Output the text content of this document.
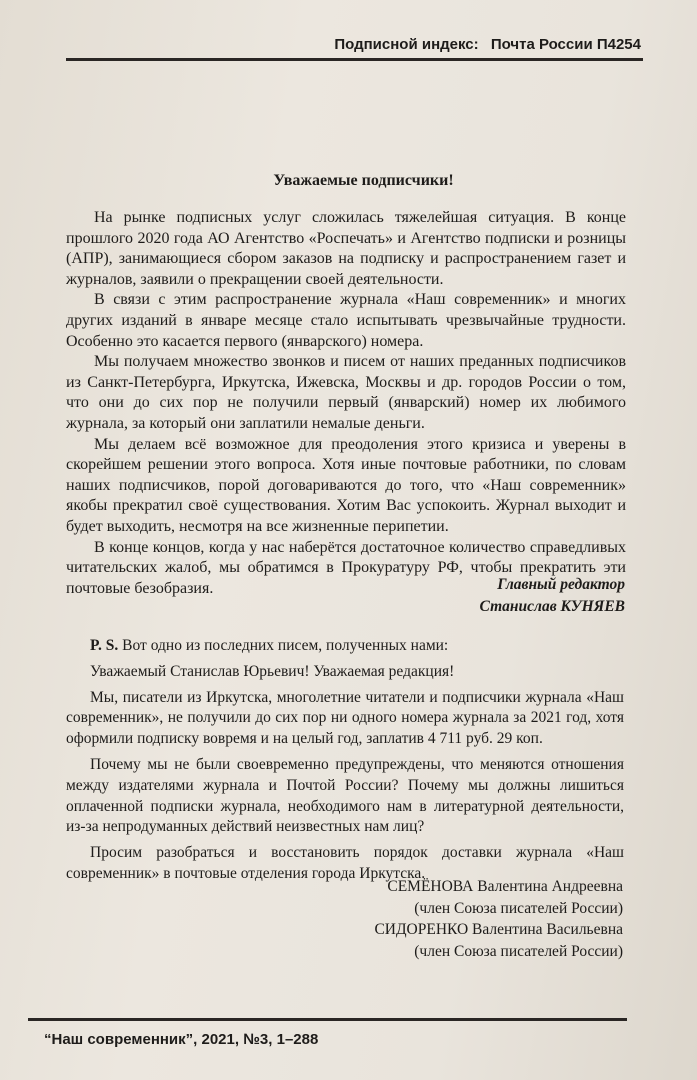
Подписной индекс: Почта России П4254
Уважаемые подписчики!

На рынке подписных услуг сложилась тяжелейшая ситуация. В конце прошлого 2020 года АО Агентство «Роспечать» и Агентство подписки и розницы (АПР), занимающиеся сбором заказов на подписку и распространением газет и журналов, заявили о прекращении своей деятельности.

В связи с этим распространение журнала «Наш современник» и многих других изданий в январе месяце стало испытывать чрезвычайные трудности. Особенно это касается первого (январского) номера.

Мы получаем множество звонков и писем от наших преданных подписчиков из Санкт-Петербурга, Иркутска, Ижевска, Москвы и др. городов России о том, что они до сих пор не получили первый (январский) номер их любимого журнала, за который они заплатили немалые деньги.

Мы делаем всё возможное для преодоления этого кризиса и уверены в скорейшем решении этого вопроса. Хотя иные почтовые работники, по словам наших подписчиков, порой договариваются до того, что «Наш современник» якобы прекратил своё существования. Хотим Вас успокоить. Журнал выходит и будет выходить, несмотря на все жизненные перипетии.

В конце концов, когда у нас наберётся достаточное количество справедливых читательских жалоб, мы обратимся в Прокуратуру РФ, чтобы прекратить эти почтовые безобразия.	Главный редактор
Станислав КУНЯЕВ

P. S. Вот одно из последних писем, полученных нами:

Уважаемый Станислав Юрьевич! Уважаемая редакция!

Мы, писатели из Иркутска, многолетние читатели и подписчики журнала «Наш современник», не получили до сих пор ни одного номера журнала за 2021 год, хотя оформили подписку вовремя и на целый год, заплатив 4 711 руб. 29 коп.

Почему мы не были своевременно предупреждены, что меняются отношения между издателями журнала и Почтой России? Почему мы должны лишиться оплаченной подписки журнала, необходимого нам в литературной деятельности, из-за непродуманных действий неизвестных нам лиц?

Просим разобраться и восстановить порядок доставки журнала «Наш современник» в почтовые отделения города Иркутска.

СЕМЁНОВА Валентина Андреевна
(член Союза писателей России)
СИДОРЕНКО Валентина Васильевна
(член Союза писателей России)
“Наш современник”, 2021, №3, 1–288
